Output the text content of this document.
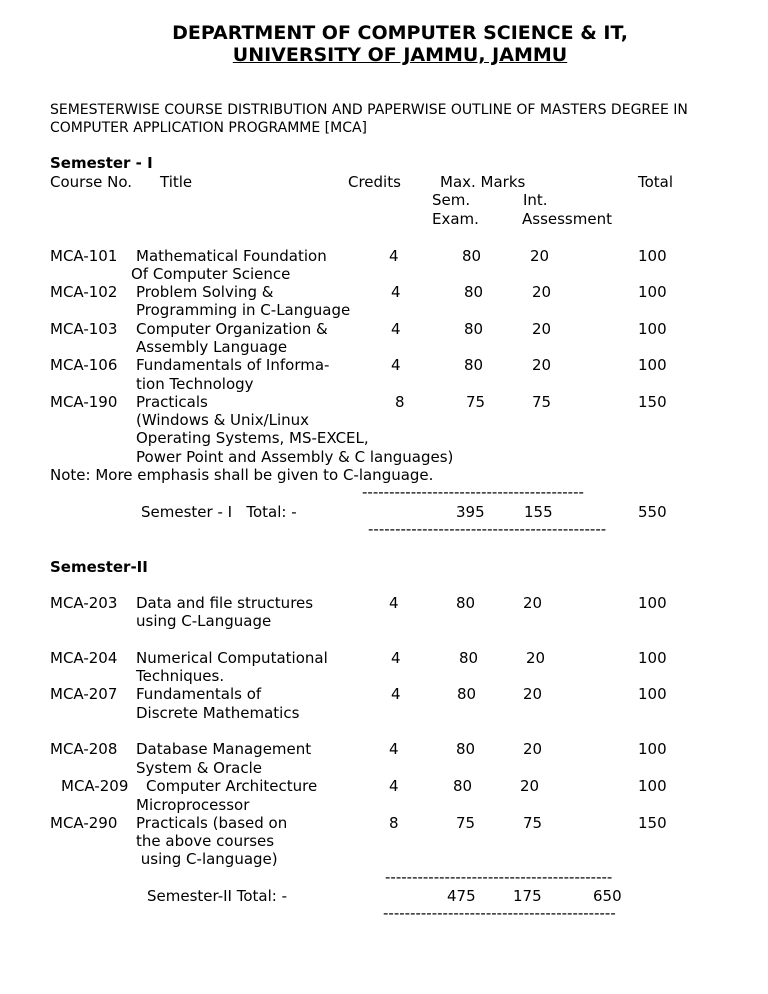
DEPARTMENT OF COMPUTER SCIENCE & IT,
UNIVERSITY OF JAMMU, JAMMU
SEMESTERWISE COURSE DISTRIBUTION AND PAPERWISE OUTLINE OF MASTERS DEGREE IN
COMPUTER APPLICATION PROGRAMME [MCA]
Semester - I
Course No. Title	Credits	Max. Marks	Total
Sem.	Int.
Exam.	Assessment
MCA-101 Mathematical Foundation
Of Computer Science
4	80	20	100
MCA-102 Problem Solving &
Programming in C-Language
4	80	20	100
MCA-103 Computer Organization &
Assembly Language
4	80	20	100
MCA-106 Fundamentals of Informa-
tion Technology
4	80	20	100
MCA-190 Practicals
(Windows & Unix/Linux
Operating Systems, MS-EXCEL,
Power Point and Assembly & C languages)
8	75	75	150
Note: More emphasis shall be given to C-language.
-----------------------------------------
Semester - I   Total: -	395	155	550
--------------------------------------------
Semester-II
MCA-203 Data and file structures
using C-Language
4	80	20	100
MCA-204 Numerical Computational
Techniques.
4	80	20	100
MCA-207 Fundamentals of
Discrete Mathematics
4	80	20	100
MCA-208 Database Management
System & Oracle
4	80	20	100
MCA-209 Computer Architecture
Microprocessor
4	80	20	100
MCA-290 Practicals (based on
the above courses
using C-language)
8	75	75	150
------------------------------------------
Semester-II Total: -	475 175	650
-------------------------------------------
